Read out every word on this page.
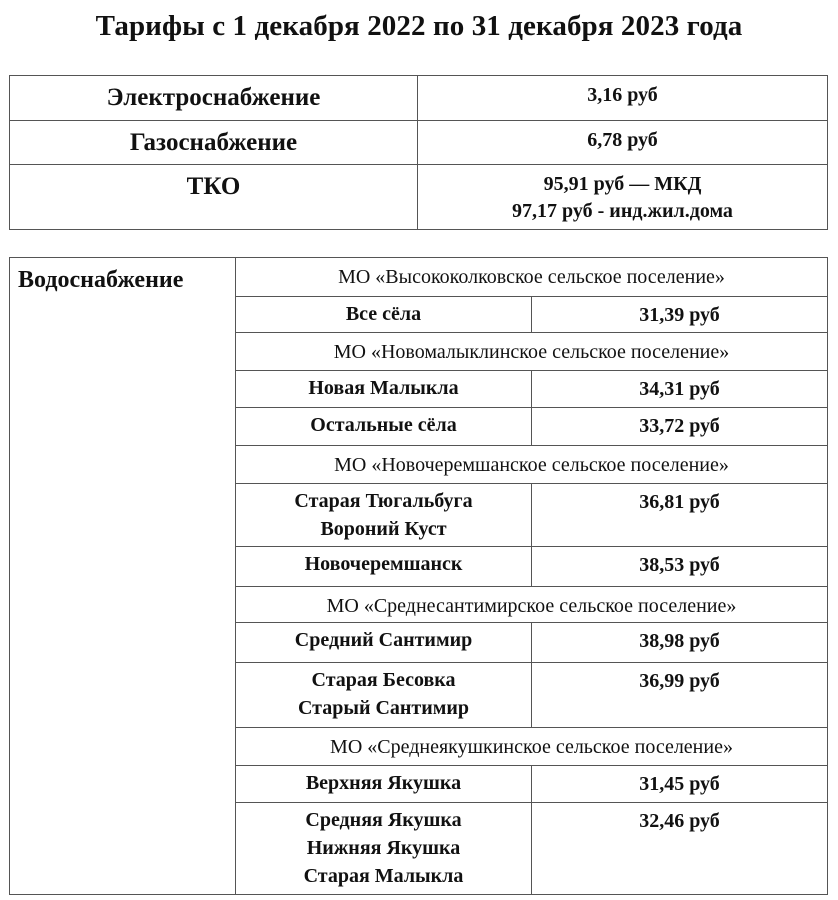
Тарифы с 1 декабря 2022 по 31 декабря 2023 года
Электроснабжение	3,16 руб

Газоснабжение	6,78 руб

ТКО	95,91 руб — МКД
97,17 руб - инд.жил.дома
Водоснабжение	МО «Высококолковское сельское поселение»	

	Все сёла	31,39 руб
	МО «Новомалыклинское сельское поселение»	

	Новая Малыкла	34,31 руб

	Остальные сёла	33,72 руб
	МО «Новочеремшанское сельское поселение»	

	Старая Тюгальбуга
Вороний Куст	36,81 руб

	Новочеремшанск	38,53 руб
	МО «Среднесантимирское сельское поселение»	

	Средний Сантимир	38,98 руб

	Старая Бесовка
Старый Сантимир	36,99 руб
	МО «Среднеякушкинское сельское поселение»	

	Верхняя Якушка	31,45 руб

	Средняя Якушка
Нижняя Якушка
Старая Малыкла	32,46 руб
